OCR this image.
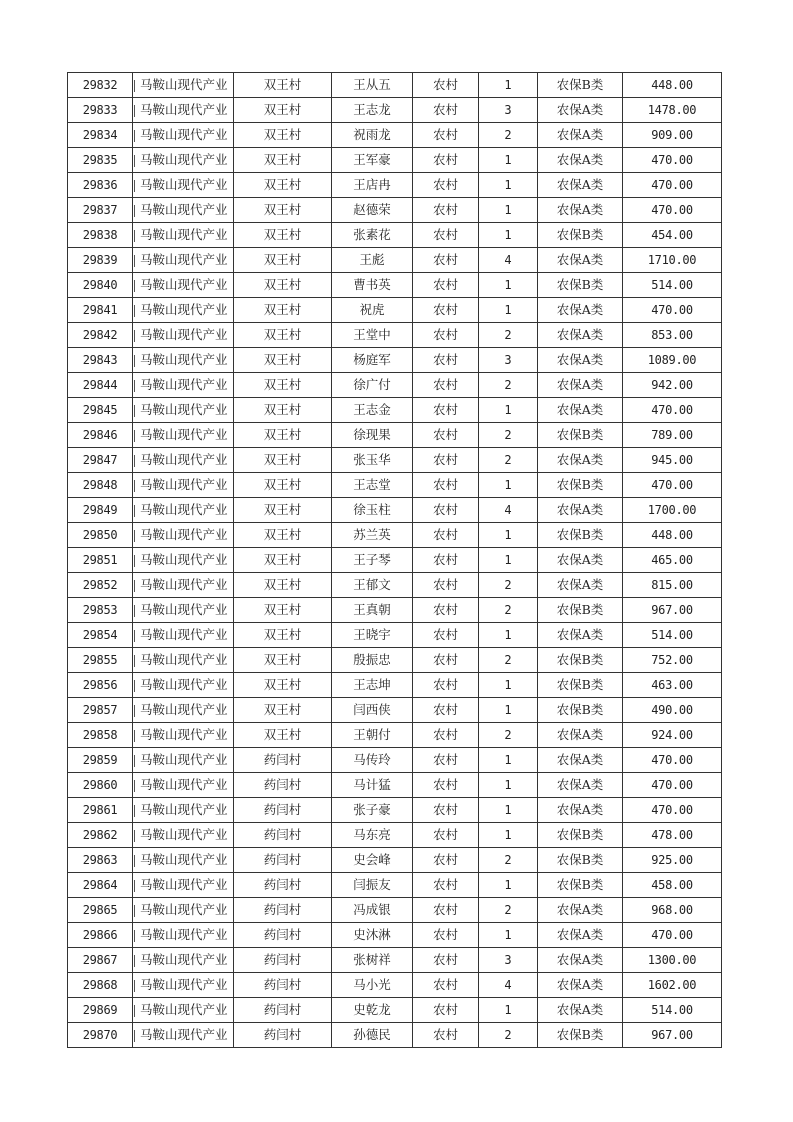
29832	马鞍山现代产业	双王村	王从五	农村	1	农保B类	448.00
29833	马鞍山现代产业	双王村	王志龙	农村	3	农保A类	1478.00
29834	马鞍山现代产业	双王村	祝雨龙	农村	2	农保A类	909.00
29835	马鞍山现代产业	双王村	王军豪	农村	1	农保A类	470.00
29836	马鞍山现代产业	双王村	王店冉	农村	1	农保A类	470.00
29837	马鞍山现代产业	双王村	赵德荣	农村	1	农保A类	470.00
29838	马鞍山现代产业	双王村	张素花	农村	1	农保B类	454.00
29839	马鞍山现代产业	双王村	王彪	农村	4	农保A类	1710.00
29840	马鞍山现代产业	双王村	曹书英	农村	1	农保B类	514.00
29841	马鞍山现代产业	双王村	祝虎	农村	1	农保A类	470.00
29842	马鞍山现代产业	双王村	王堂中	农村	2	农保A类	853.00
29843	马鞍山现代产业	双王村	杨庭军	农村	3	农保A类	1089.00
29844	马鞍山现代产业	双王村	徐广付	农村	2	农保A类	942.00
29845	马鞍山现代产业	双王村	王志金	农村	1	农保A类	470.00
29846	马鞍山现代产业	双王村	徐现果	农村	2	农保B类	789.00
29847	马鞍山现代产业	双王村	张玉华	农村	2	农保A类	945.00
29848	马鞍山现代产业	双王村	王志堂	农村	1	农保B类	470.00
29849	马鞍山现代产业	双王村	徐玉柱	农村	4	农保A类	1700.00
29850	马鞍山现代产业	双王村	苏兰英	农村	1	农保B类	448.00
29851	马鞍山现代产业	双王村	王子琴	农村	1	农保A类	465.00
29852	马鞍山现代产业	双王村	王郁文	农村	2	农保A类	815.00
29853	马鞍山现代产业	双王村	王真朝	农村	2	农保B类	967.00
29854	马鞍山现代产业	双王村	王晓宇	农村	1	农保A类	514.00
29855	马鞍山现代产业	双王村	殷振忠	农村	2	农保B类	752.00
29856	马鞍山现代产业	双王村	王志坤	农村	1	农保B类	463.00
29857	马鞍山现代产业	双王村	闫西侠	农村	1	农保B类	490.00
29858	马鞍山现代产业	双王村	王朝付	农村	2	农保A类	924.00
29859	马鞍山现代产业	药闫村	马传玲	农村	1	农保A类	470.00
29860	马鞍山现代产业	药闫村	马计猛	农村	1	农保A类	470.00
29861	马鞍山现代产业	药闫村	张子豪	农村	1	农保A类	470.00
29862	马鞍山现代产业	药闫村	马东亮	农村	1	农保B类	478.00
29863	马鞍山现代产业	药闫村	史会峰	农村	2	农保B类	925.00
29864	马鞍山现代产业	药闫村	闫振友	农村	1	农保B类	458.00
29865	马鞍山现代产业	药闫村	冯成银	农村	2	农保A类	968.00
29866	马鞍山现代产业	药闫村	史沐淋	农村	1	农保A类	470.00
29867	马鞍山现代产业	药闫村	张树祥	农村	3	农保A类	1300.00
29868	马鞍山现代产业	药闫村	马小光	农村	4	农保A类	1602.00
29869	马鞍山现代产业	药闫村	史乾龙	农村	1	农保A类	514.00
29870	马鞍山现代产业	药闫村	孙德民	农村	2	农保B类	967.00
